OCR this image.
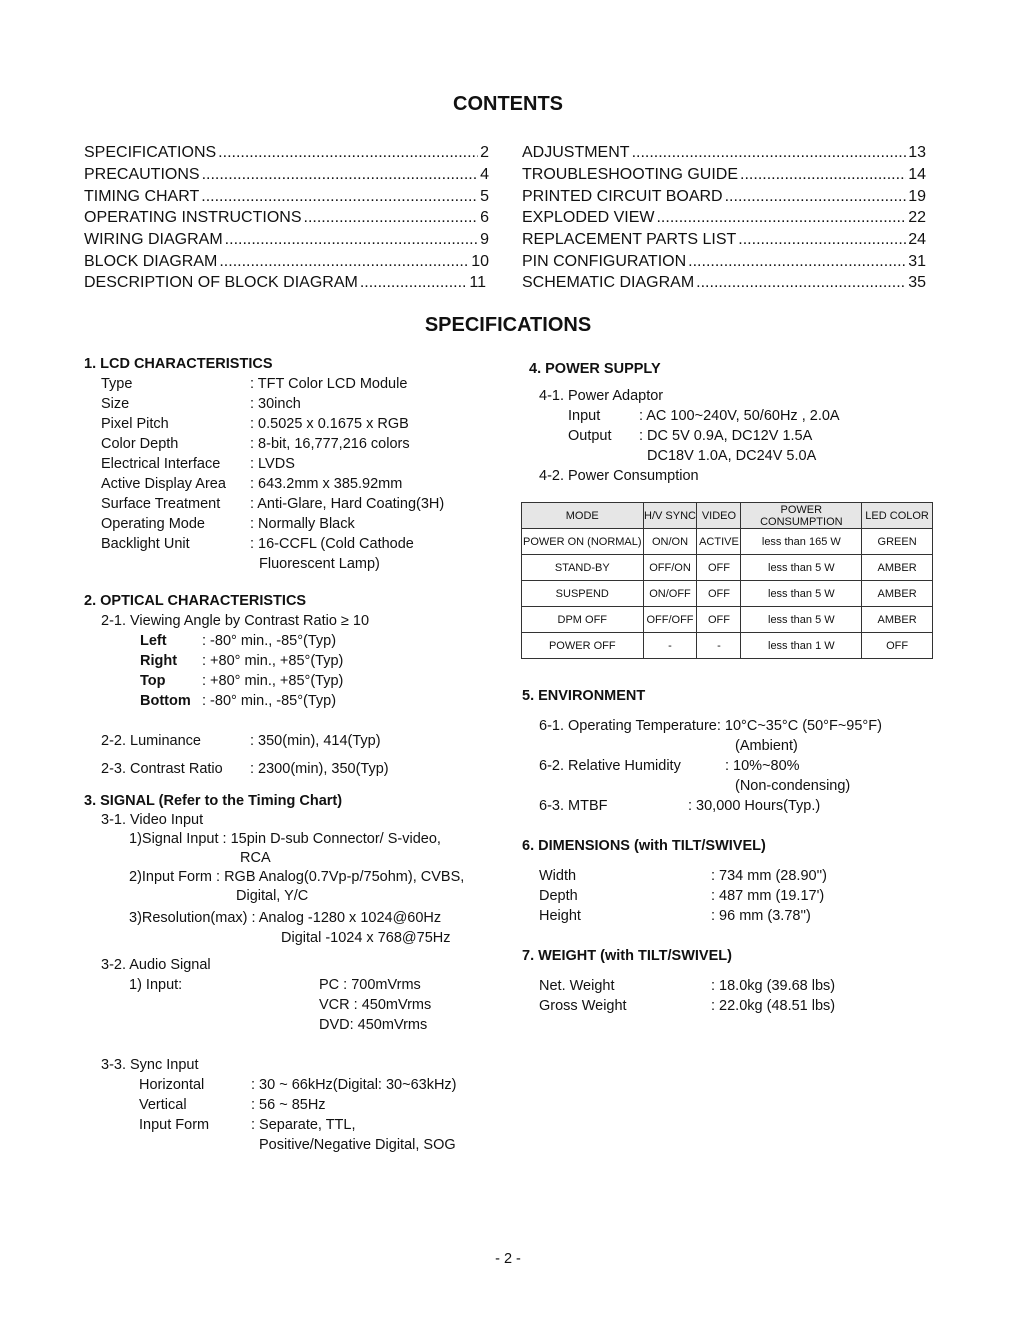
CONTENTS
SPECIFICATIONS .....	2
PRECAUTIONS .....	4
TIMING CHART .....	5
OPERATING INSTRUCTIONS .....	6
WIRING DIAGRAM .....	9
BLOCK DIAGRAM .....	10
DESCRIPTION OF BLOCK DIAGRAM .....	11
ADJUSTMENT .....	13
TROUBLESHOOTING GUIDE .....	14
PRINTED CIRCUIT BOARD .....	19
EXPLODED VIEW .....	22
REPLACEMENT PARTS LIST .....	24
PIN CONFIGURATION .....	31
SCHEMATIC DIAGRAM .....	35
SPECIFICATIONS
1. LCD CHARACTERISTICS
Type	: TFT Color LCD Module
Size	: 30inch
Pixel Pitch	: 0.5025 x 0.1675 x RGB
Color Depth	: 8-bit, 16,777,216 colors
Electrical Interface : LVDS
Active Display Area : 643.2mm x 385.92mm
Surface Treatment : Anti-Glare, Hard Coating(3H)
Operating Mode	: Normally Black
Backlight Unit	: 16-CCFL (Cold Cathode
Fluorescent Lamp)
2. OPTICAL CHARACTERISTICS
2-1. Viewing Angle by Contrast Ratio ≥ 10
Left : -80° min., -85°(Typ)
Right : +80° min., +85°(Typ)
Top	: +80° min., +85°(Typ)
Bottom : -80° min., -85°(Typ)
2-2. Luminance	: 350(min), 414(Typ)
2-3. Contrast Ratio : 2300(min), 350(Typ)
3. SIGNAL (Refer to the Timing Chart)
3-1. Video Input
1)Signal Input : 15pin D-sub Connector/ S-video,
RCA
2)Input Form : RGB Analog(0.7Vp-p/75ohm), CVBS,
Digital, Y/C
3)Resolution(max) : Analog -1280 x 1024@60Hz
Digital -1024 x 768@75Hz
3-2. Audio Signal
1) Input:	PC : 700mVrms
VCR : 450mVrms
DVD: 450mVrms
3-3. Sync Input
Horizontal	: 30 ~ 66kHz(Digital: 30~63kHz)
Vertical	: 56 ~ 85Hz
Input Form	: Separate, TTL,
Positive/Negative Digital, SOG
4. POWER SUPPLY
4-1. Power Adaptor
Input	: AC 100~240V, 50/60Hz , 2.0A
Output : DC 5V 0.9A, DC12V 1.5A
DC18V 1.0A, DC24V 5.0A
4-2. Power Consumption
MODE	H/V SYNC	VIDEO	POWER CONSUMPTION	LED COLOR
POWER ON (NORMAL)	ON/ON	ACTIVE	less than 165 W	GREEN
STAND-BY	OFF/ON	OFF	less than 5 W	AMBER
SUSPEND	ON/OFF	OFF	less than 5 W	AMBER
DPM OFF	OFF/OFF	OFF	less than 5 W	AMBER
POWER OFF	-	-	less than 1 W	OFF
5. ENVIRONMENT
6-1. Operating Temperature: 10°C~35°C (50°F~95°F)
(Ambient)
6-2. Relative Humidity	: 10%~80%
(Non-condensing)
6-3. MTBF	: 30,000 Hours(Typ.)
6. DIMENSIONS (with TILT/SWIVEL)
Width	: 734 mm (28.90'')
Depth	: 487 mm (19.17')
Height	: 96 mm (3.78'')
7. WEIGHT (with TILT/SWIVEL)
Net. Weight	: 18.0kg (39.68 lbs)
Gross Weight	: 22.0kg (48.51 lbs)
- 2 -
